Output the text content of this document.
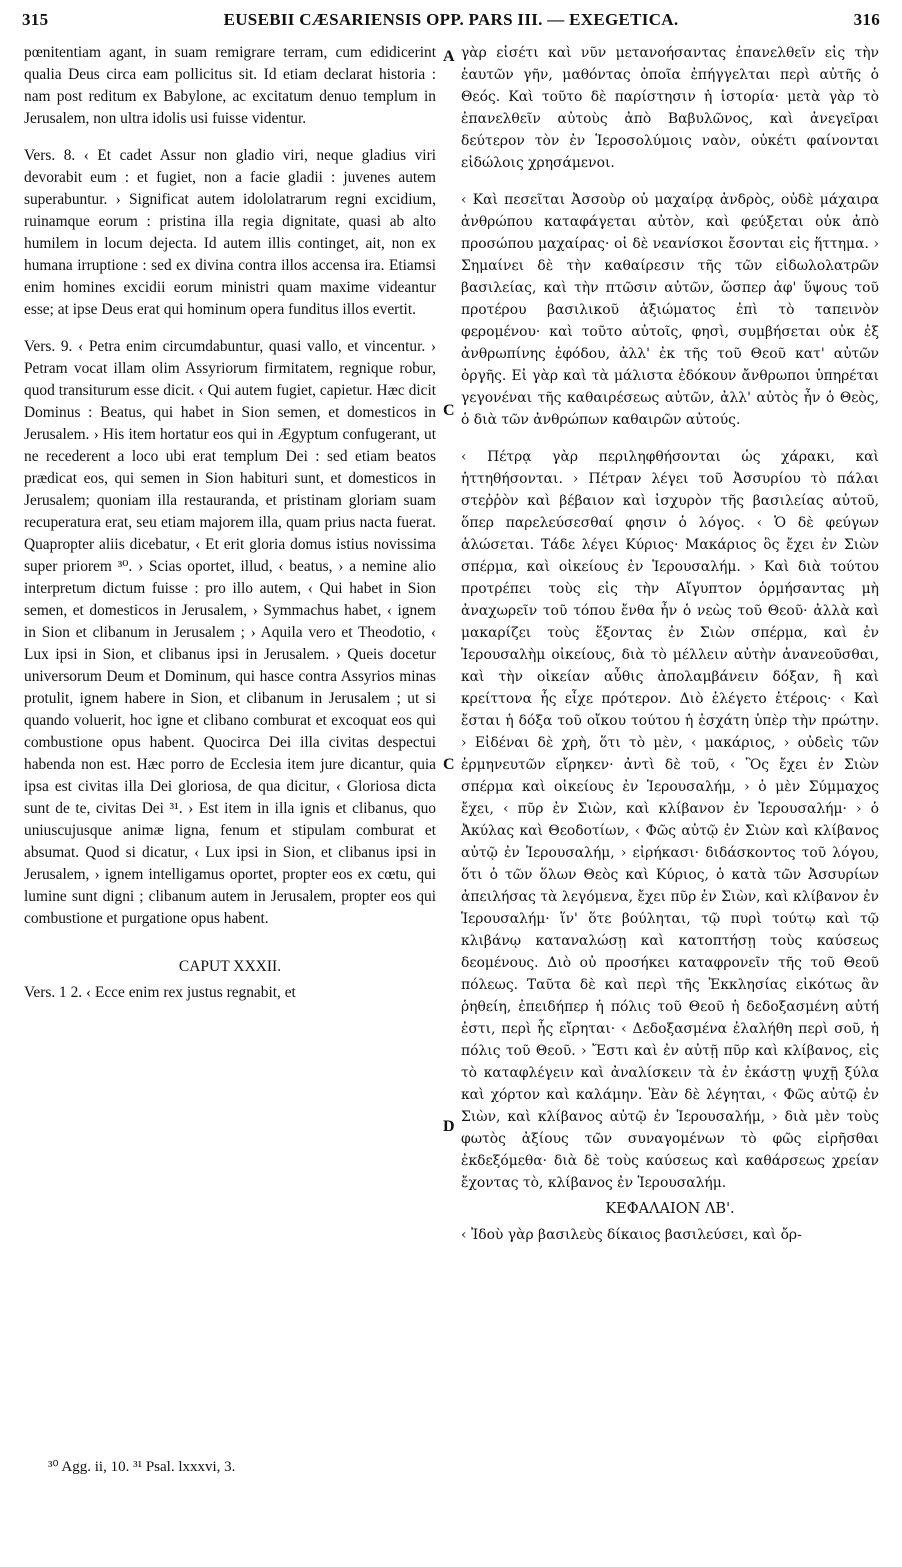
315	EUSEBII CÆSARIENSIS OPP. PARS III. — EXEGETICA.	316

pœnitentiam agant, in suam remigrare terram, cum edidicerint qualia Deus circa eam pollicitus sit. Id etiam declarat historia : nam post reditum ex Babylone, ac excitatum denuo templum in Jerusalem, non ultra idolis usi fuisse videntur.

Vers. 8. ‹ Et cadet Assur non gladio viri, neque gladius viri devorabit eum : et fugiet, non a facie gladii : juvenes autem superabuntur. › Significat autem idololatrarum regni excidium, ruinamque eorum : pristina illa regia dignitate, quasi ab alto humilem in locum dejecta. Id autem illis continget, ait, non ex humana irruptione : sed ex divina contra illos accensa ira. Etiamsi enim homines excidii eorum ministri quam maxime videantur esse; at ipse Deus erat qui hominum opera funditus illos evertit.

Vers. 9. ‹ Petra enim circumdabuntur, quasi vallo, et vincentur. › Petram vocat illam olim Assyriorum firmitatem, regnique robur, quod transiturum esse dicit. ‹ Qui autem fugiet, capietur. Hæc dicit Dominus : Beatus, qui habet in Sion semen, et domesticos in Jerusalem. › His item hortatur eos qui in Ægyptum confugerant, ut ne recederent a loco ubi erat templum Dei : sed etiam beatos prædicat eos, qui semen in Sion habituri sunt, et domesticos in Jerusalem; quoniam illa restauranda, et pristinam gloriam suam recuperatura erat, seu etiam majorem illa, quam prius nacta fuerat. Quapropter aliis dicebatur, ‹ Et erit gloria domus istius novissima super priorem ³⁰. › Scias oportet, illud, ‹ beatus, › a nemine alio interpretum dictum fuisse : pro illo autem, ‹ Qui habet in Sion semen, et domesticos in Jerusalem, › Symmachus habet, ‹ ignem in Sion et clibanum in Jerusalem ; › Aquila vero et Theodotio, ‹ Lux ipsi in Sion, et clibanus ipsi in Jerusalem. › Queis docetur universorum Deum et Dominum, qui hasce contra Assyrios minas protulit, ignem habere in Sion, et clibanum in Jerusalem ; ut si quando voluerit, hoc igne et clibano comburat et excoquat eos qui combustione opus habent. Quocirca Dei illa civitas despectui habenda non est. Hæc porro de Ecclesia item jure dicantur, quia ipsa est civitas illa Dei gloriosa, de qua dicitur, ‹ Gloriosa dicta sunt de te, civitas Dei ³¹. › Est item in illa ignis et clibanus, quo uniuscujusque animæ ligna, fenum et stipulam comburat et absumat. Quod si dicatur, ‹ Lux ipsi in Sion, et clibanus ipsi in Jerusalem, › ignem intelligamus oportet, propter eos ex cœtu, qui lumine sunt digni ; clibanum autem in Jerusalem, propter eos qui combustione et purgatione opus habent.

CAPUT XXXII.

Vers. 1 2. ‹ Ecce enim rex justus regnabit, et

γὰρ εἰσέτι καὶ νῦν μετανοήσαντας ἐπανελθεῖν εἰς τὴν ἑαυτῶν γῆν, μαθόντας ὁποῖα ἐπήγγελται περὶ αὐτῆς ὁ Θεός. Καὶ τοῦτο δὲ παρίστησιν ἡ ἱστορία· μετὰ γὰρ τὸ ἐπανελθεῖν αὐτοὺς ἀπὸ Βαβυλῶνος, καὶ ἀνεγεῖραι δεύτερον τὸν ἐν Ἱεροσολύμοις ναὸν, οὐκέτι φαίνονται εἰδώλοις χρησάμενοι.

‹ Καὶ πεσεῖται Ἀσσοὺρ οὐ μαχαίρᾳ ἀνδρὸς, οὐδὲ μάχαιρα ἀνθρώπου καταφάγεται αὐτὸν, καὶ φεύξεται οὐκ ἀπὸ προσώπου μαχαίρας· οἱ δὲ νεανίσκοι ἔσονται εἰς ἥττημα. › Σημαίνει δὲ τὴν καθαίρεσιν τῆς τῶν εἰδωλολατρῶν βασιλείας, καὶ τὴν πτῶσιν αὐτῶν, ὥσπερ ἀφ' ὕψους τοῦ προτέρου βασιλικοῦ ἀξιώματος ἐπὶ τὸ ταπεινὸν φερομένου· καὶ τοῦτο αὐτοῖς, φησὶ, συμβήσεται οὐκ ἐξ ἀνθρωπίνης ἐφόδου, ἀλλ' ἐκ τῆς τοῦ Θεοῦ κατ' αὐτῶν ὀργῆς. Εἰ γὰρ καὶ τὰ μάλιστα ἐδόκουν ἄνθρωποι ὑπηρέται γεγονέναι τῆς καθαιρέσεως αὐτῶν, ἀλλ' αὐτὸς ἦν ὁ Θεὸς, ὁ διὰ τῶν ἀνθρώπων καθαιρῶν αὐτούς.

‹ Πέτρᾳ γὰρ περιληφθήσονται ὡς χάρακι, καὶ ἡττηθήσονται. › Πέτραν λέγει τοῦ Ἀσσυρίου τὸ πάλαι στεῤῥὸν καὶ βέβαιον καὶ ἰσχυρὸν τῆς βασιλείας αὐτοῦ, ὅπερ παρελεύσεσθαί φησιν ὁ λόγος. ‹ Ὁ δὲ φεύγων ἁλώσεται. Τάδε λέγει Κύριος· Μακάριος ὃς ἔχει ἐν Σιὼν σπέρμα, καὶ οἰκείους ἐν Ἱερουσαλήμ. › Καὶ διὰ τούτου προτρέπει τοὺς εἰς τὴν Αἴγυπτον ὁρμήσαντας μὴ ἀναχωρεῖν τοῦ τόπου ἔνθα ἦν ὁ νεὼς τοῦ Θεοῦ· ἀλλὰ καὶ μακαρίζει τοὺς ἕξοντας ἐν Σιὼν σπέρμα, καὶ ἐν Ἱερουσαλὴμ οἰκείους, διὰ τὸ μέλλειν αὐτὴν ἀνανεοῦσθαι, καὶ τὴν οἰκείαν αὖθις ἀπολαμβάνειν δόξαν, ἢ καὶ κρείττονα ἧς εἶχε πρότερον. Διὸ ἐλέγετο ἑτέροις· ‹ Καὶ ἔσται ἡ δόξα τοῦ οἴκου τούτου ἡ ἐσχάτη ὑπὲρ τὴν πρώτην. › Εἰδέναι δὲ χρὴ, ὅτι τὸ μὲν, ‹ μακάριος, › οὐδεὶς τῶν ἑρμηνευτῶν εἴρηκεν· ἀντὶ δὲ τοῦ, ‹ Ὃς ἔχει ἐν Σιὼν σπέρμα καὶ οἰκείους ἐν Ἱερουσαλήμ, › ὁ μὲν Σύμμαχος ἔχει, ‹ πῦρ ἐν Σιὼν, καὶ κλίβανον ἐν Ἱερουσαλήμ· › ὁ Ἀκύλας καὶ Θεοδοτίων, ‹ Φῶς αὐτῷ ἐν Σιὼν καὶ κλίβανος αὐτῷ ἐν Ἱερουσαλήμ, › εἰρήκασι· διδάσκοντος τοῦ λόγου, ὅτι ὁ τῶν ὅλων Θεὸς καὶ Κύριος, ὁ κατὰ τῶν Ἀσσυρίων ἀπειλήσας τὰ λεγόμενα, ἔχει πῦρ ἐν Σιὼν, καὶ κλίβανον ἐν Ἱερουσαλήμ· ἵν' ὅτε βούληται, τῷ πυρὶ τούτῳ καὶ τῷ κλιβάνῳ καταναλώσῃ καὶ κατοπτήσῃ τοὺς καύσεως δεομένους. Διὸ οὐ προσήκει καταφρονεῖν τῆς τοῦ Θεοῦ πόλεως. Ταῦτα δὲ καὶ περὶ τῆς Ἐκκλησίας εἰκότως ἂν ῥηθείη, ἐπειδήπερ ἡ πόλις τοῦ Θεοῦ ἡ δεδοξασμένη αὐτή ἐστι, περὶ ἧς εἴρηται· ‹ Δεδοξασμένα ἐλαλήθη περὶ σοῦ, ἡ πόλις τοῦ Θεοῦ. › Ἔστι καὶ ἐν αὐτῇ πῦρ καὶ κλίβανος, εἰς τὸ καταφλέγειν καὶ ἀναλίσκειν τὰ ἐν ἑκάστῃ ψυχῇ ξύλα καὶ χόρτον καὶ καλάμην. Ἐὰν δὲ λέγηται, ‹ Φῶς αὐτῷ ἐν Σιὼν, καὶ κλίβανος αὐτῷ ἐν Ἱερουσαλήμ, › διὰ μὲν τοὺς φωτὸς ἀξίους τῶν συναγομένων τὸ φῶς εἰρῆσθαι ἐκδεξόμεθα· διὰ δὲ τοὺς καύσεως καὶ καθάρσεως χρείαν ἔχοντας τὸ, κλίβανος ἐν Ἱερουσαλήμ.

ΚΕΦΑΛΑΙΟΝ ΛΒ'.

‹ Ἰδοὺ γὰρ βασιλεὺς δίκαιος βασιλεύσει, καὶ ὄρ-

A
C
C
D
³⁰ Agg. ii, 10. ³¹ Psal. lxxxvi, 3.
